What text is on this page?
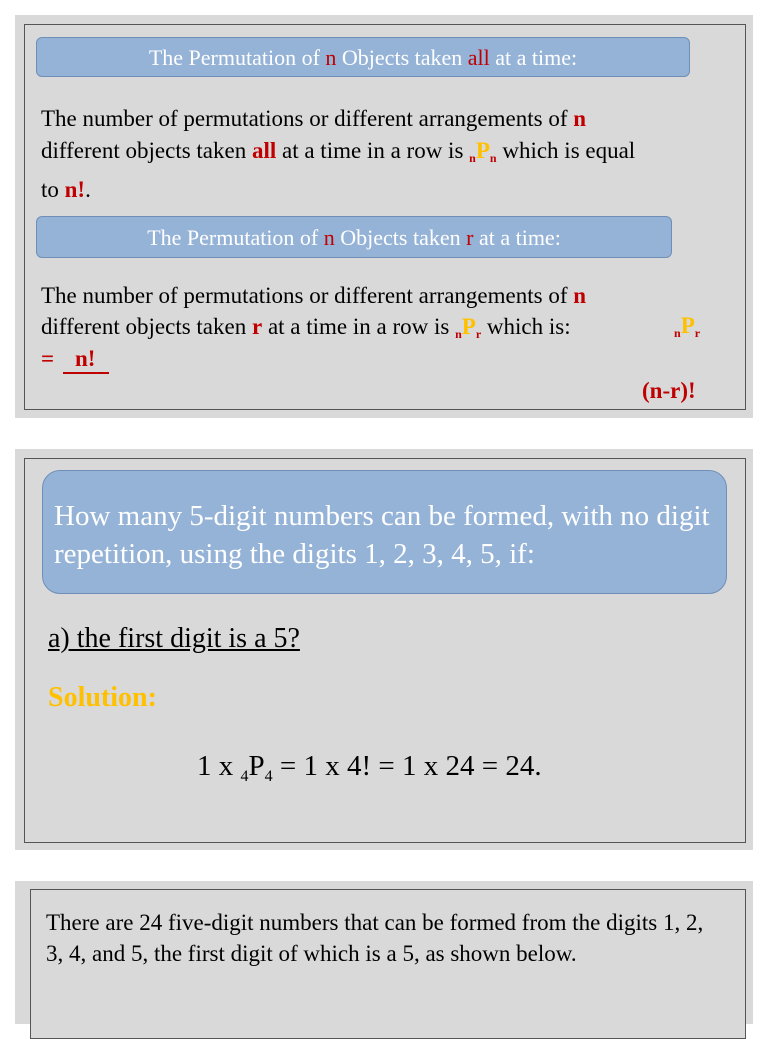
The Permutation of n Objects taken all at a time:
The number of permutations or different arrangements of n
different objects taken all at a time in a row is $_nP_n$ which is equal
to n!.
The Permutation of n Objects taken r at a time:
The number of permutations or different arrangements of n
different objects taken r at a time in a row is $_nP_r$ which is:	$_nP_r$
= n!
(n-r)!
How many 5-digit numbers can be formed, with no digit repetition, using the digits 1, 2, 3, 4, 5, if:
a) the first digit is a 5?
Solution:
1 x $_4P_4 = 1$ x 4! = 1 x 24 = 24.
There are 24 five-digit numbers that can be formed from the digits 1, 2, 3, 4, and 5, the first digit of which is a 5, as shown below.
